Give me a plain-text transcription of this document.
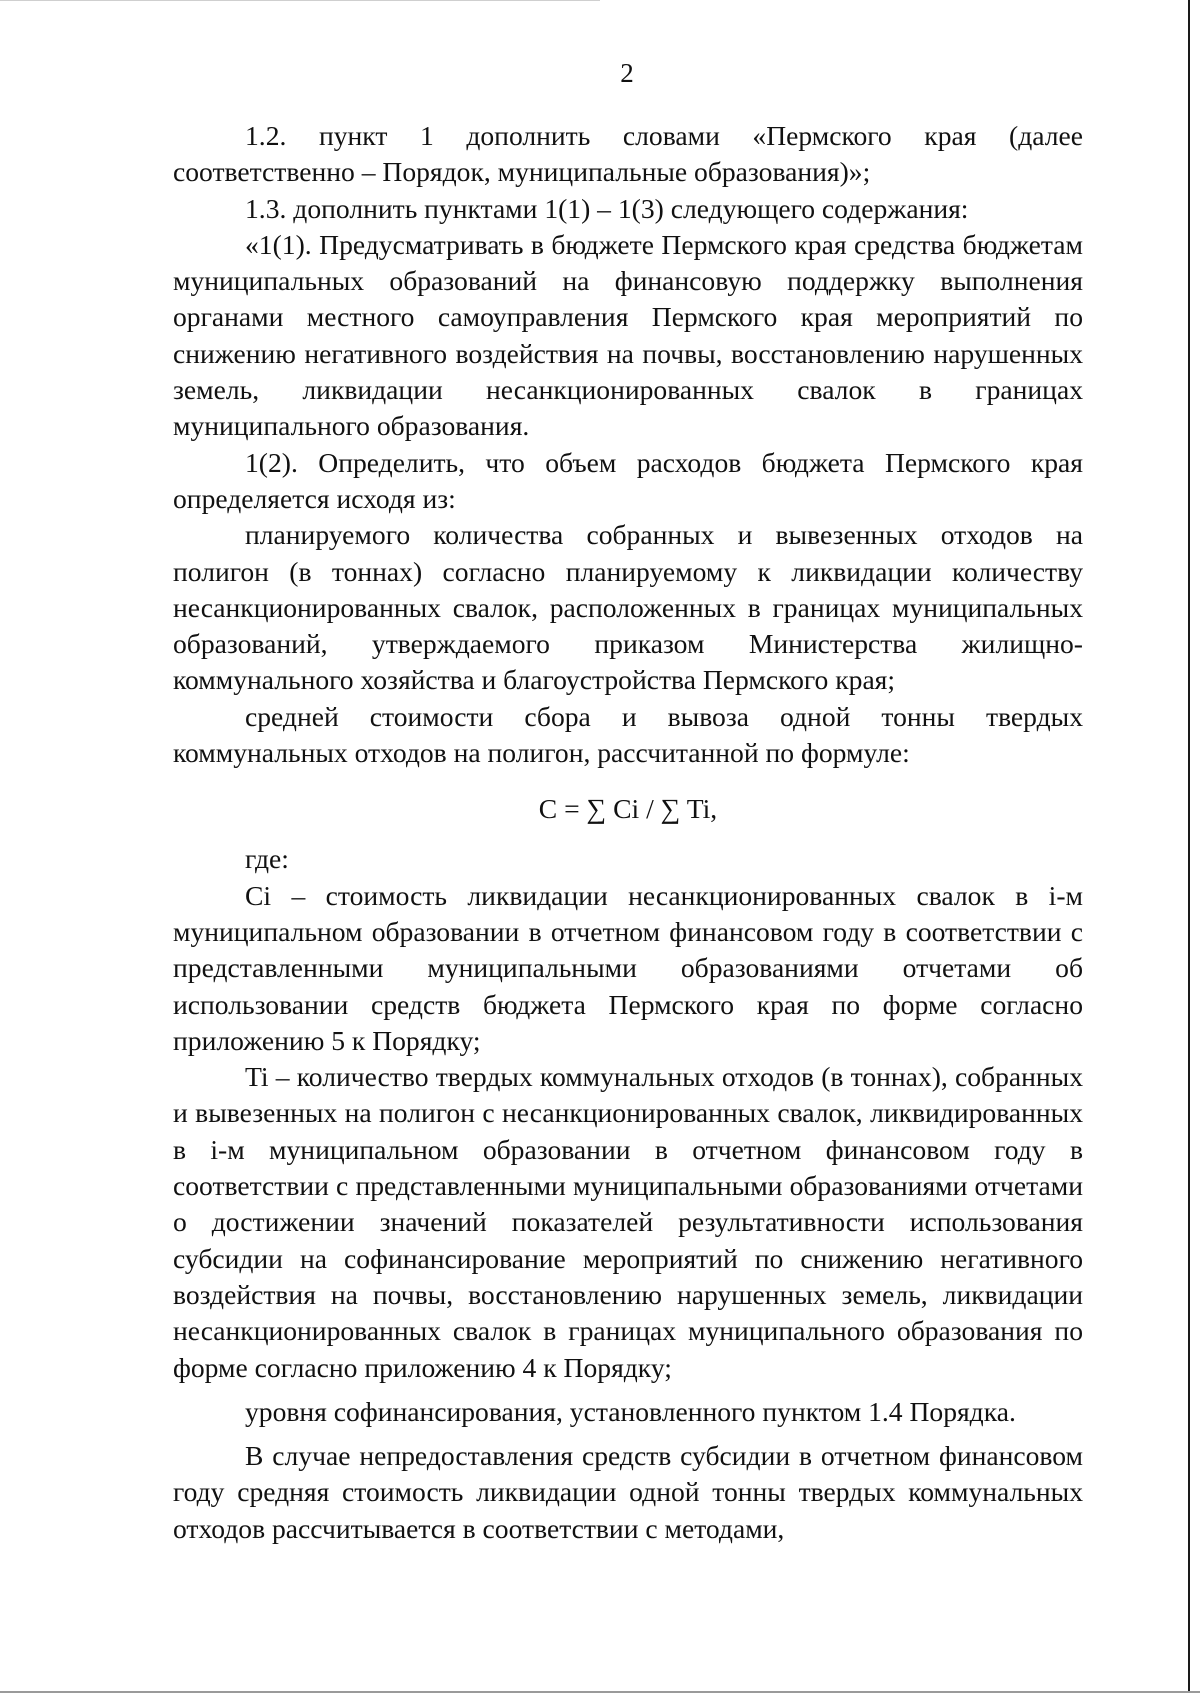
2

1.2. пункт 1 дополнить словами «Пермского края (далее соответственно – Порядок, муниципальные образования)»;

1.3. дополнить пунктами 1(1) – 1(3) следующего содержания:

«1(1). Предусматривать в бюджете Пермского края средства бюджетам муниципальных образований на финансовую поддержку выполнения органами местного самоуправления Пермского края мероприятий по снижению негативного воздействия на почвы, восстановлению нарушенных земель, ликвидации несанкционированных свалок в границах муниципального образования.

1(2). Определить, что объем расходов бюджета Пермского края определяется исходя из:

планируемого количества собранных и вывезенных отходов на полигон (в тоннах) согласно планируемому к ликвидации количеству несанкционированных свалок, расположенных в границах муниципальных образований, утверждаемого приказом Министерства жилищно-коммунального хозяйства и благоустройства Пермского края;

средней стоимости сбора и вывоза одной тонны твердых коммунальных отходов на полигон, рассчитанной по формуле:

С = ∑ Ci / ∑ Ti,

где:

Ci – стоимость ликвидации несанкционированных свалок в i-м муниципальном образовании в отчетном финансовом году в соответствии с представленными муниципальными образованиями отчетами об использовании средств бюджета Пермского края по форме согласно приложению 5 к Порядку;

Ti – количество твердых коммунальных отходов (в тоннах), собранных и вывезенных на полигон с несанкционированных свалок, ликвидированных в i-м муниципальном образовании в отчетном финансовом году в соответствии с представленными муниципальными образованиями отчетами о достижении значений показателей результативности использования субсидии на софинансирование мероприятий по снижению негативного воздействия на почвы, восстановлению нарушенных земель, ликвидации несанкционированных свалок в границах муниципального образования по форме согласно приложению 4 к Порядку;

уровня софинансирования, установленного пунктом 1.4 Порядка.

В случае непредоставления средств субсидии в отчетном финансовом году средняя стоимость ликвидации одной тонны твердых коммунальных отходов рассчитывается в соответствии с методами,
